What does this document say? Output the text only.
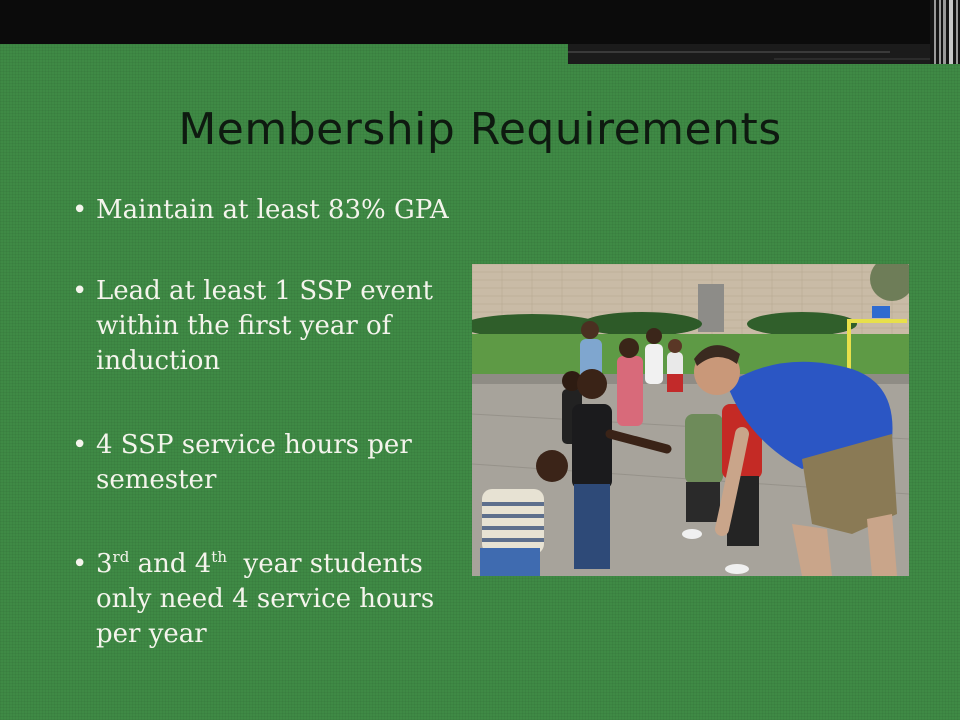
Membership Requirements
• Maintain at least 83% GPA
• Lead at least 1 SSP event within the first year of induction
• 4 SSP service hours per semester
• 3rd and 4th  year students only need 4 service hours per year
